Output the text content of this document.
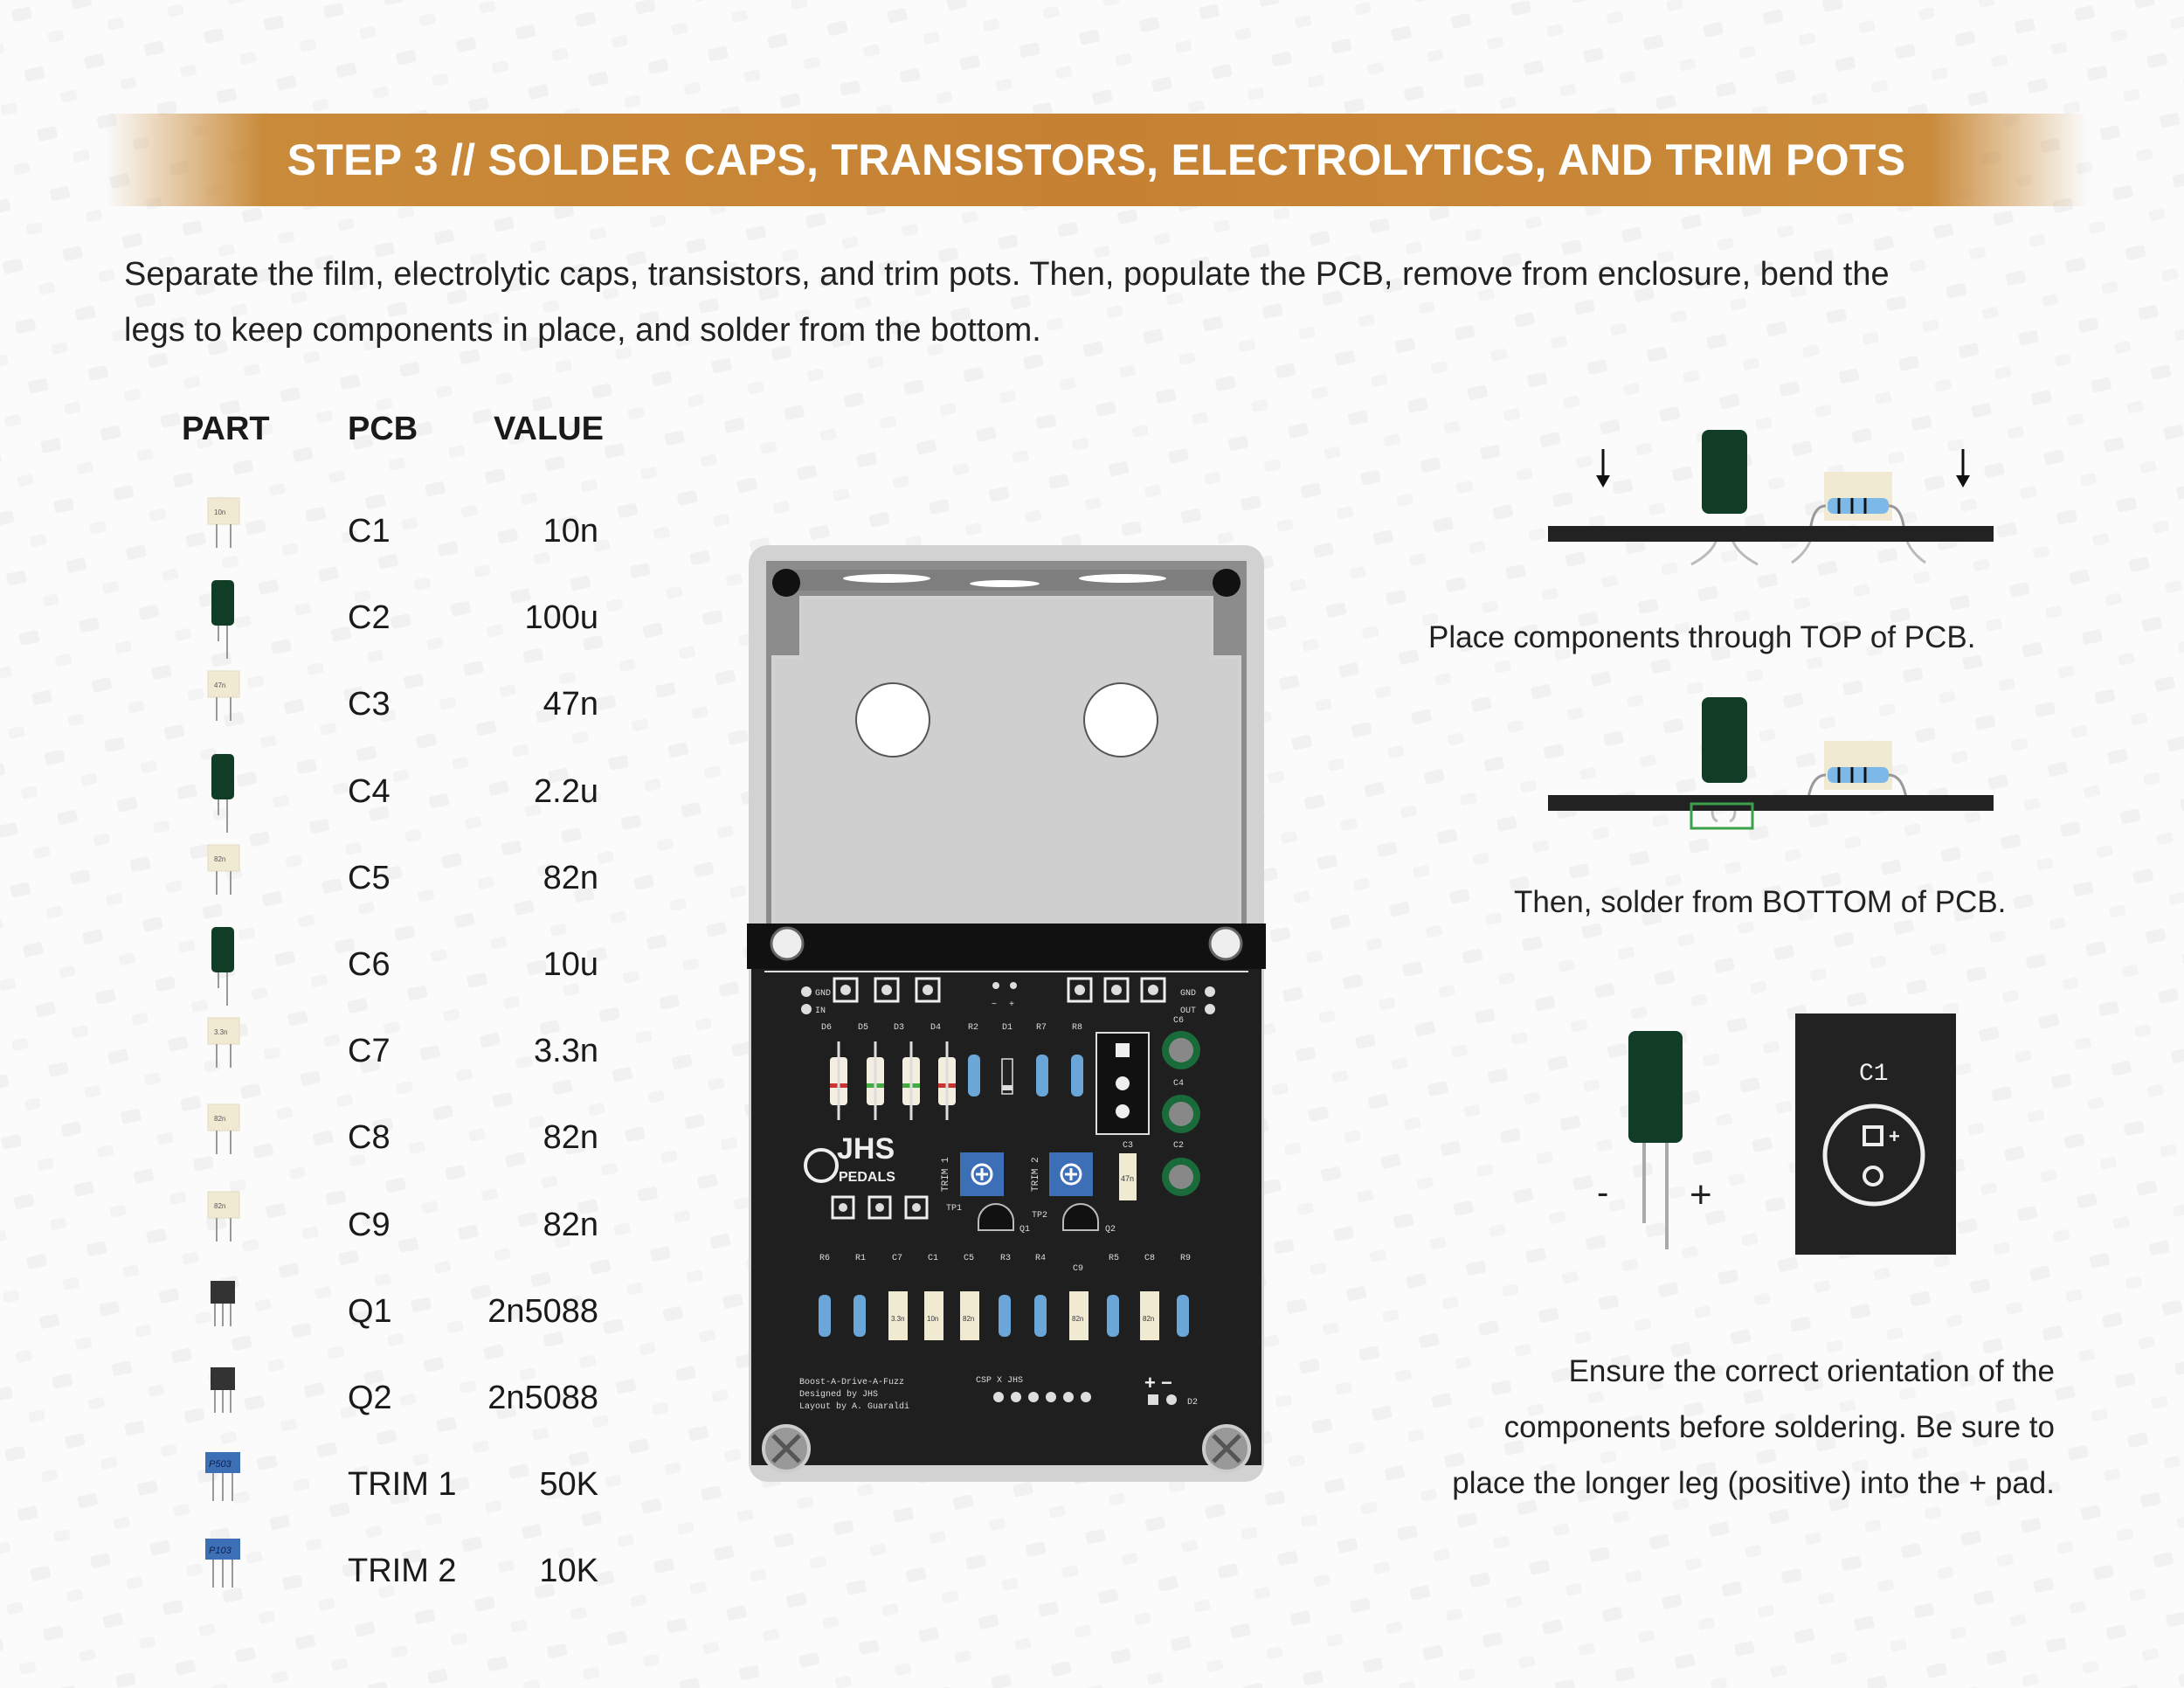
STEP 3 // SOLDER CAPS, TRANSISTORS, ELECTROLYTICS, AND TRIM POTS
Separate the film, electrolytic caps, transistors, and trim pots. Then, populate the PCB, remove from enclosure, bend the
legs to keep components in place, and solder from the bottom.
PART PCB VALUE
10n
C1	10n
C2	100u
47n
C3	47n
C4	2.2u
82n
C5	82n
C6	10u
3.3n
C7	3.3n
82n
C8	82n
82n
C9	82n
Q1	2n5088
Q2	2n5088
P503
TRIM 1 50K
P103
TRIM 2 10K
GND
IN
GND
OUT
− +
D6	D5	D3	D4	R2	D1	R7	R8
C6
C4
C3	C2
TP1
TP2
Q1	Q2
R6	R1	C7	C1	C5	R3	R4
C9
R5	C8	R9
Boost-A-Drive-A-Fuzz
Designed by JHS
Layout by A. Guaraldi
CSP X JHS
D2
+ −
47n
JHS
PEDALS	TRIM 1	TRIM 2
3.3n	10n	82n	82n	82n
Place components through TOP of PCB.
Then, solder from BOTTOM of PCB.
- +
C1
+
Ensure the correct orientation of the
components before soldering. Be sure to
place the longer leg (positive) into the + pad.
